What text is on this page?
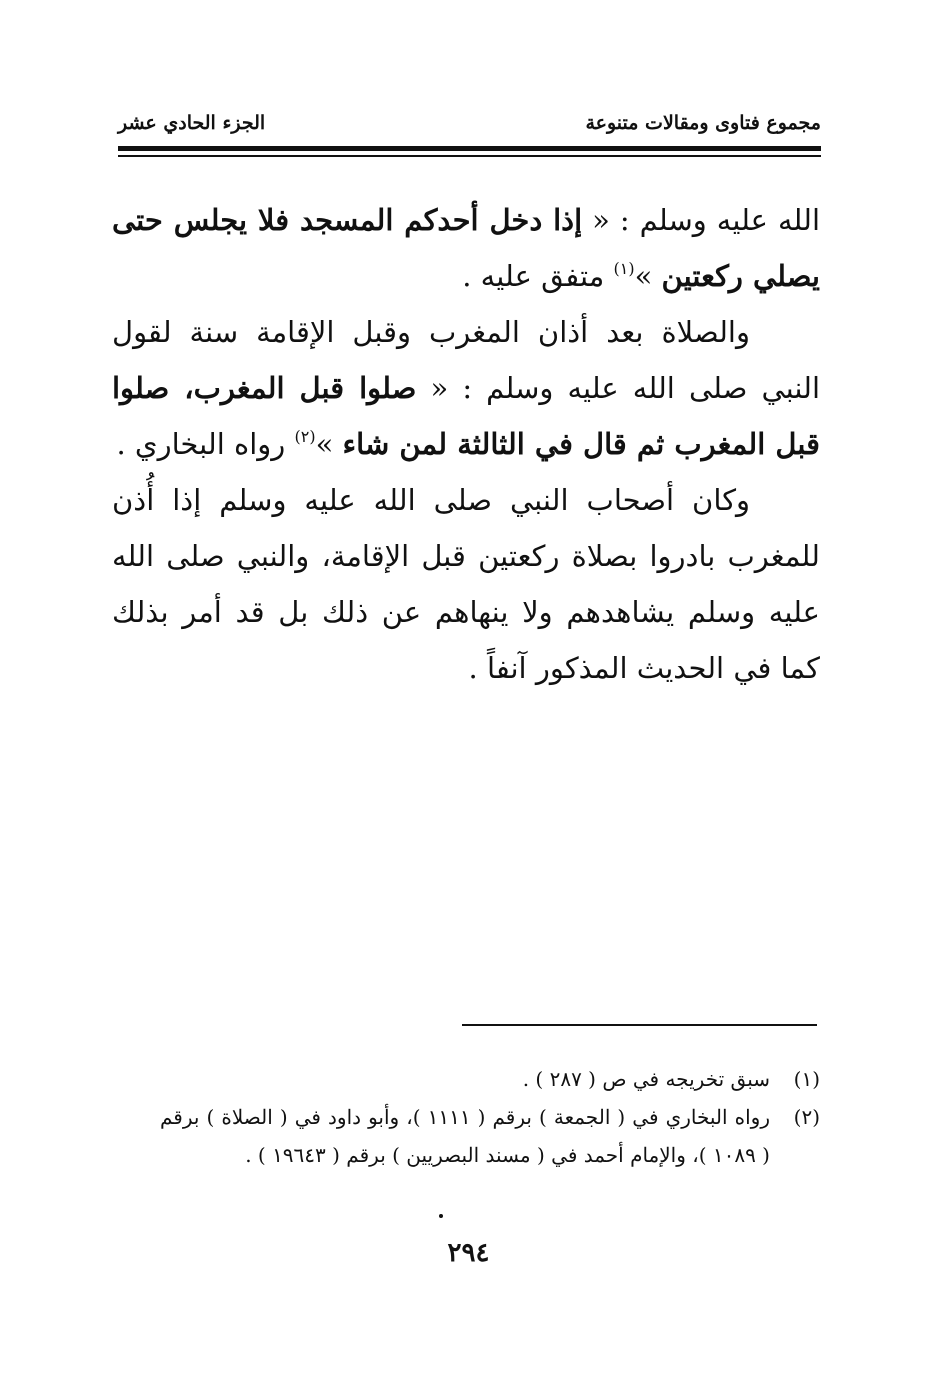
مجموع فتاوى ومقالات متنوعة
الجزء الحادي عشر

الله عليه وسلم : « إذا دخل أحدكم المسجد فلا يجلس حتى يصلي ركعتين »$^{(١)}$ متفق عليه .

والصلاة بعد أذان المغرب وقبل الإقامة سنة لقول النبي صلى الله عليه وسلم : « صلوا قبل المغرب، صلوا قبل المغرب ثم قال في الثالثة لمن شاء »$^{(٢)}$ رواه البخاري .

وكان أصحاب النبي صلى الله عليه وسلم إذا أُذن للمغرب بادروا بصلاة ركعتين قبل الإقامة، والنبي صلى الله عليه وسلم يشاهدهم ولا ينهاهم عن ذلك بل قد أمر بذلك كما في الحديث المذكور آنفاً .

(١)
سبق تخريجه في ص ( ٢٨٧ ) .
(٢)
رواه البخاري في ( الجمعة ) برقم ( ١١١١ )، وأبو داود في ( الصلاة ) برقم ( ١٠٨٩ )، والإمام أحمد في ( مسند البصريين ) برقم ( ١٩٦٤٣ ) .
٢٩٤
